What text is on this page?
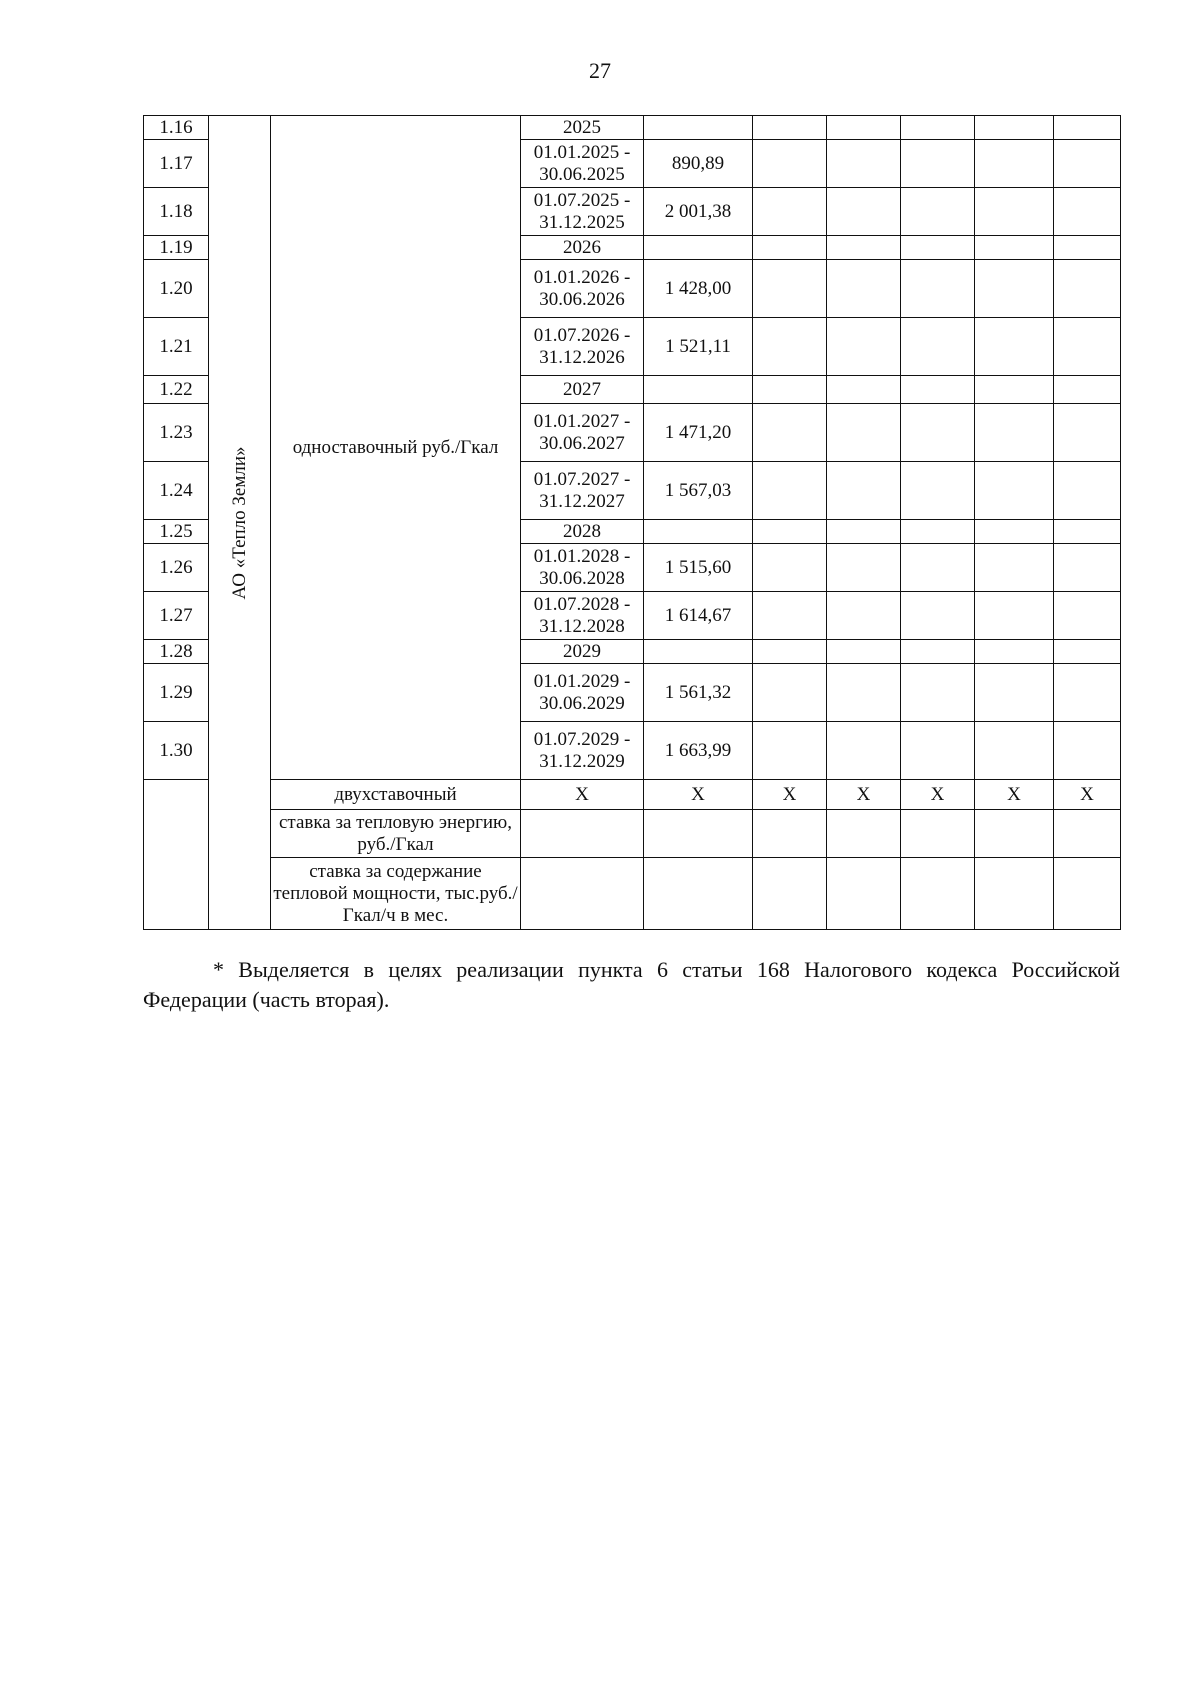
27
1.16	АО «Тепло Земли»	одноставочный руб./Гкал	2025						

1.17			01.01.2025 -
30.06.2025	890,89					
1.18			01.07.2025 -
31.12.2025	2 001,38					
1.19			2026						

1.20			01.01.2026 -
30.06.2026	1 428,00					
1.21			01.07.2026 -
31.12.2026	1 521,11					
1.22			2027						

1.23			01.01.2027 -
30.06.2027	1 471,20					
1.24			01.07.2027 -
31.12.2027	1 567,03					
1.25			2028						

1.26			01.01.2028 -
30.06.2028	1 515,60					
1.27			01.07.2028 -
31.12.2028	1 614,67					
1.28			2029						

1.29			01.01.2029 -
30.06.2029	1 561,32					
1.30			01.07.2029 -
31.12.2029	1 663,99					
		двухставочный	X	X	X	X	X	X	X
		ставка за тепловую энергию, руб./Гкал							
		ставка за содержание тепловой мощности, тыс.руб./Гкал/ч в мес.							

* Выделяется в целях реализации пункта 6 статьи 168 Налогового кодекса Российской Федерации (часть вторая).
